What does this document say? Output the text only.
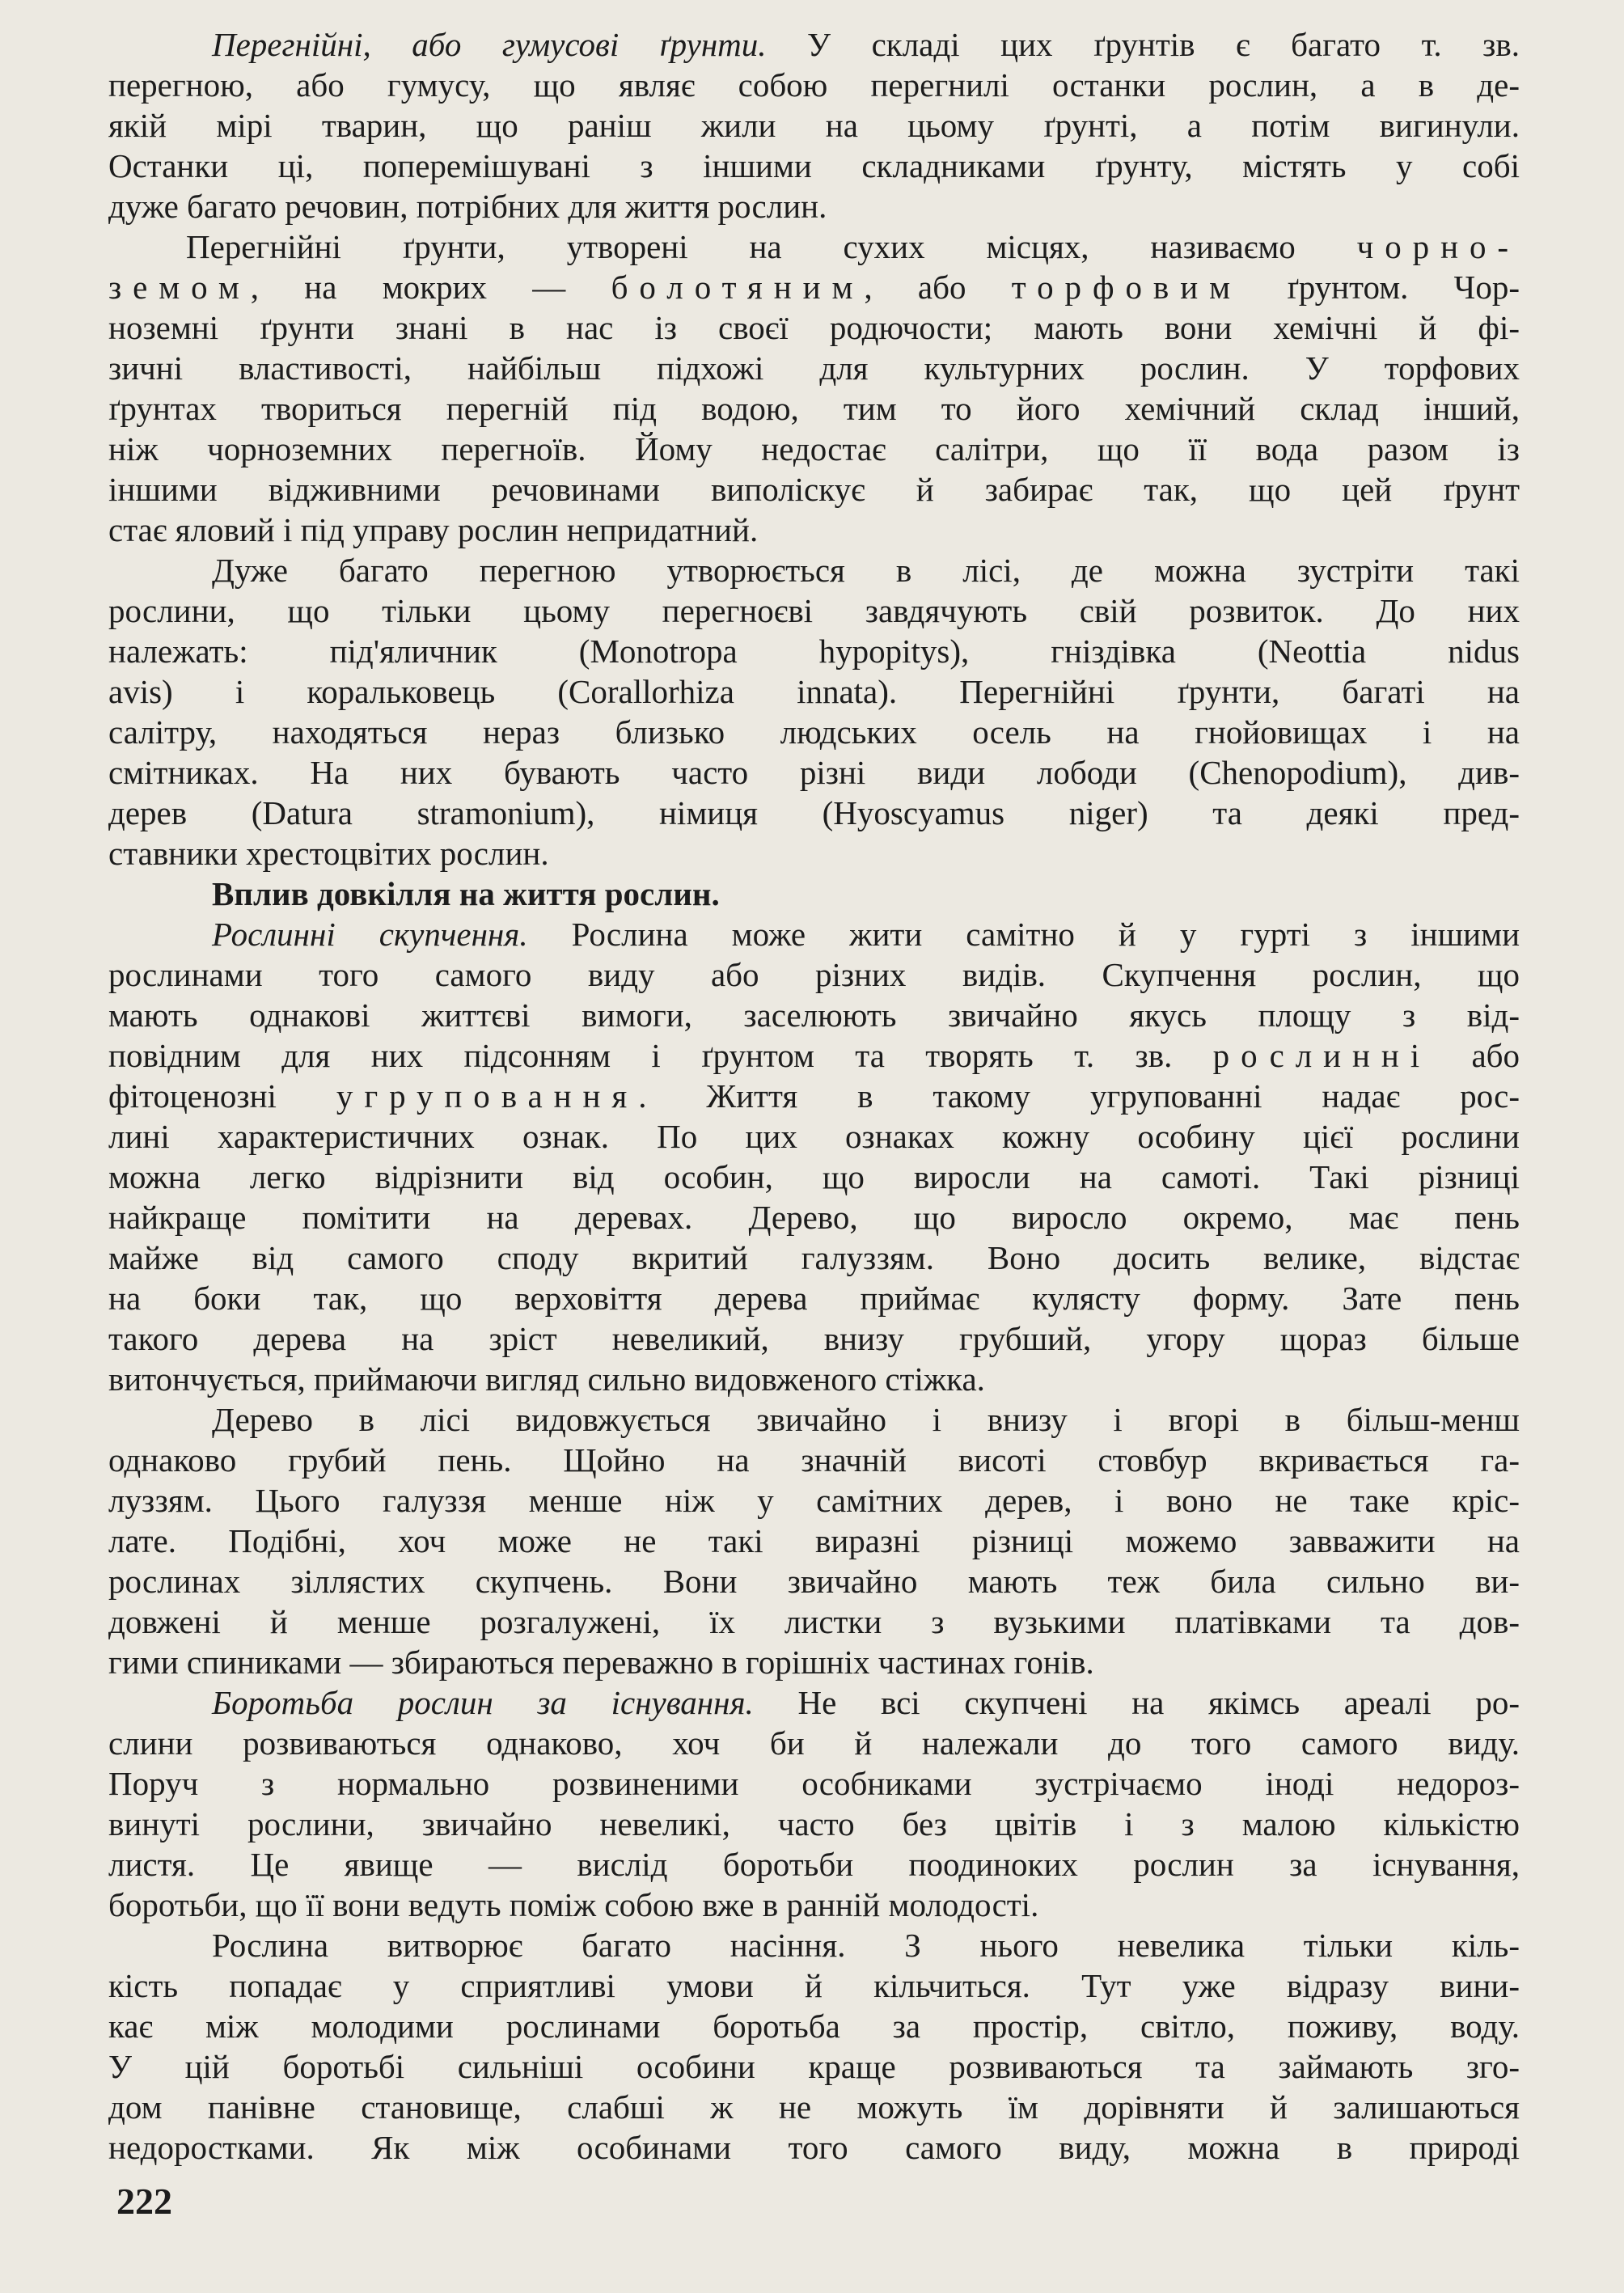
Перегнійні, або гумусові ґрунти. У складі цих ґрунтів є багато т. зв.
перегною, або гумусу, що являє собою перегнилі останки рослин, а в де-
якій мірі тварин, що раніш жили на цьому ґрунті, а потім вигинули.
Останки ці, поперемішувані з іншими складниками ґрунту, містять у собі
дуже багато речовин, потрібних для життя рослин.
Перегнійні ґрунти, утворені на сухих місцях, називаємо чорно-
земом, на мокрих — болотяним, або торфовим ґрунтом. Чор-
ноземні ґрунти знані в нас із своєї родючости; мають вони хемічні й фі-
зичні властивості, найбільш підхожі для культурних рослин. У торфових
ґрунтах твориться перегній під водою, тим то його хемічний склад інший,
ніж чорноземних перегноїв. Йому недостає салітри, що її вода разом із
іншими відживними речовинами виполіскує й забирає так, що цей ґрунт
стає яловий і під управу рослин непридатний.
Дуже багато перегною утворюється в лісі, де можна зустріти такі
рослини, що тільки цьому перегноєві завдячують свій розвиток. До них
належать: під'яличник (Monotropa hypopitys), гніздівка (Neottia nidus
avis) і коральковець (Corallorhiza innata). Перегнійні ґрунти, багаті на
салітру, находяться нераз близько людських осель на гнойовищах і на
смітниках. На них бувають часто різні види лободи (Chenopodium), див-
дерев (Datura stramonium), німиця (Hyoscyamus niger) та деякі пред-
ставники хрестоцвітих рослин.
Вплив довкілля на життя рослин.
Рослинні скупчення. Рослина може жити самітно й у гурті з іншими
рослинами того самого виду або різних видів. Скупчення рослин, що
мають однакові життєві вимоги, заселюють звичайно якусь площу з від-
повідним для них підсонням і ґрунтом та творять т. зв. рослинні або
фітоценозні угруповання. Життя в такому угрупованні надає рос-
лині характеристичних ознак. По цих ознаках кожну особину цієї рослини
можна легко відрізнити від особин, що виросли на самоті. Такі різниці
найкраще помітити на деревах. Дерево, що виросло окремо, має пень
майже від самого споду вкритий галуззям. Воно досить велике, відстає
на боки так, що верховіття дерева приймає кулясту форму. Зате пень
такого дерева на зріст невеликий, внизу грубший, угору щораз більше
витончується, приймаючи вигляд сильно видовженого стіжка.
Дерево в лісі видовжується звичайно і внизу і вгорі в більш-менш
однаково грубий пень. Щойно на значній висоті стовбур вкривається га-
луззям. Цього галуззя менше ніж у самітних дерев, і воно не таке кріс-
лате. Подібні, хоч може не такі виразні різниці можемо завважити на
рослинах зіллястих скупчень. Вони звичайно мають теж била сильно ви-
довжені й менше розгалужені, їх листки з вузькими платівками та дов-
гими спиниками — збираються переважно в горішніх частинах гонів.
Боротьба рослин за існування. Не всі скупчені на якімсь ареалі ро-
слини розвиваються однаково, хоч би й належали до того самого виду.
Поруч з нормально розвиненими особниками зустрічаємо іноді недороз-
винуті рослини, звичайно невеликі, часто без цвітів і з малою кількістю
листя. Це явище — вислід боротьби поодиноких рослин за існування,
боротьби, що її вони ведуть поміж собою вже в ранній молодості.
Рослина витворює багато насіння. З нього невелика тільки кіль-
кість попадає у сприятливі умови й кільчиться. Тут уже відразу вини-
кає між молодими рослинами боротьба за простір, світло, поживу, воду.
У цій боротьбі сильніші особини краще розвиваються та займають зго-
дом панівне становище, слабші ж не можуть їм дорівняти й залишаються
недоростками. Як між особинами того самого виду, можна в природі
222
